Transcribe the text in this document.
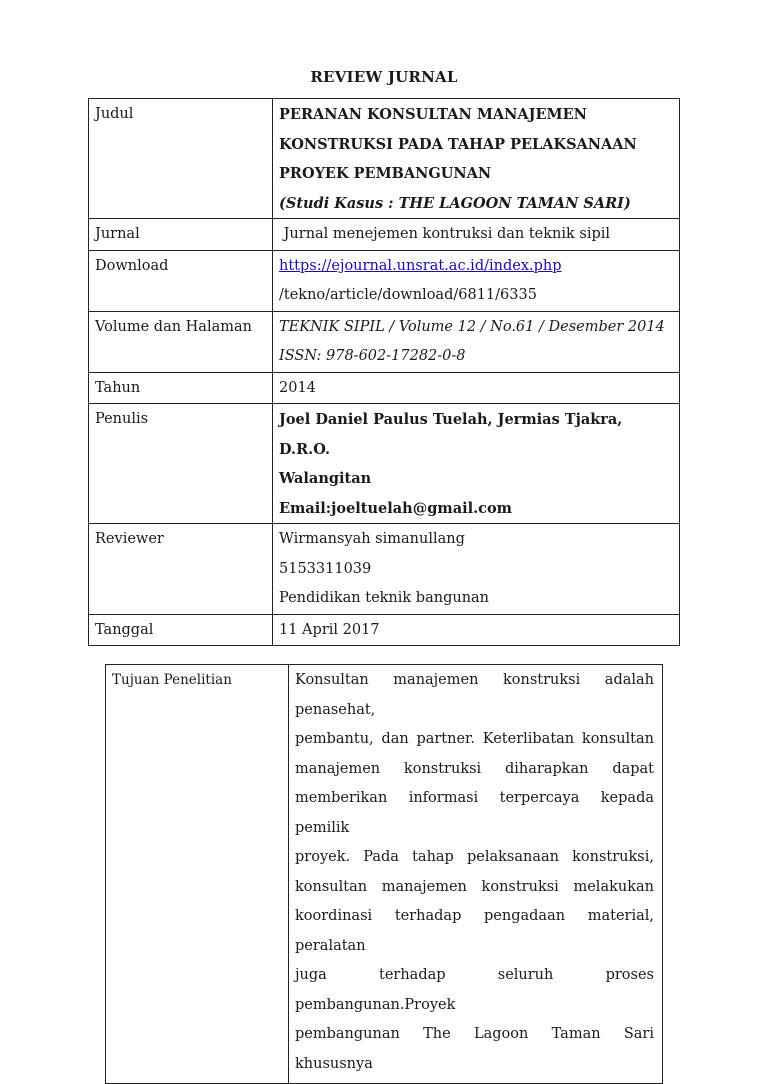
REVIEW JURNAL
Judul	PERANAN KONSULTAN MANAJEMEN
KONSTRUKSI PADA TAHAP PELAKSANAAN
PROYEK PEMBANGUNAN
(Studi Kasus : THE LAGOON TAMAN SARI)

Jurnal	Jurnal menejemen kontruksi dan teknik sipil
Download	https://ejournal.unsrat.ac.id/index.php
/tekno/article/download/6811/6335

Volume dan Halaman	TEKNIK SIPIL / Volume 12 / No.61 / Desember 2014
ISSN: 978-602-17282-0-8

Tahun	2014
Penulis	Joel Daniel Paulus Tuelah, Jermias Tjakra, D.R.O.
Walangitan
Email:joeltuelah@gmail.com

Reviewer	Wirmansyah simanullang
5153311039
Pendidikan teknik bangunan

Tanggal	11 April 2017
Tujuan Penelitian	Konsultan manajemen konstruksi adalah penasehat,
pembantu, dan partner. Keterlibatan konsultan
manajemen konstruksi diharapkan dapat
memberikan informasi terpercaya kepada pemilik
proyek. Pada tahap pelaksanaan konstruksi,
konsultan manajemen konstruksi melakukan
koordinasi terhadap pengadaan material, peralatan
juga terhadap seluruh proses pembangunan.Proyek
pembangunan The Lagoon Taman Sari khususnya
